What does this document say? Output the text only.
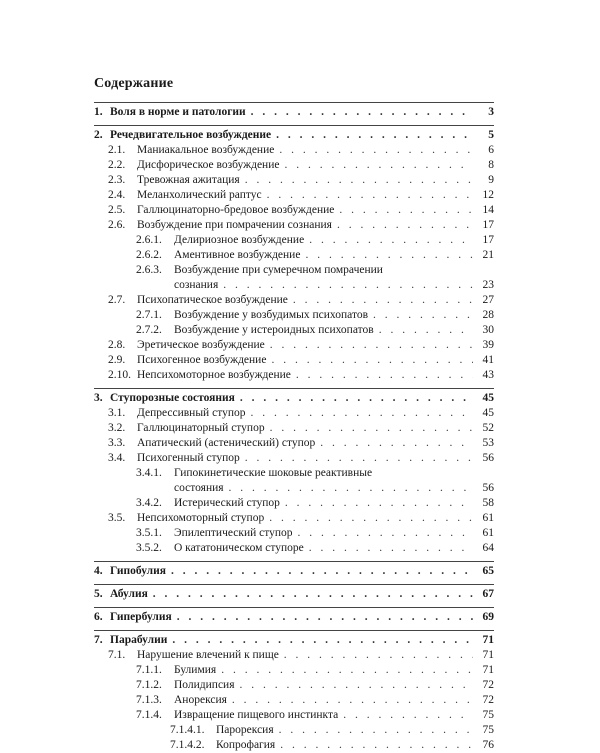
Содержание
1. Воля в норме и патологии . . .	3
2. Речедвигательное возбуждение . . .	5
2.1.	Маниакальное возбуждение . . .	6
2.2.	Дисфорическое возбуждение . . .	8
2.3.	Тревожная ажитация . . .	9
2.4.	Меланхолический раптус . . .	12
2.5.	Галлюцинаторно-бредовое возбуждение . . .	14
2.6.	Возбуждение при помрачении сознания . . .	17
2.6.1.	Делириозное возбуждение . . .	17
2.6.2.	Аментивное возбуждение . . .	21
2.6.3.	Возбуждение при сумеречном помрачении
сознания . . .	23
2.7.	Психопатическое возбуждение . . .	27
2.7.1.	Возбуждение у возбудимых психопатов . . .	28
2.7.2.	Возбуждение у истероидных психопатов . . .	30
2.8.	Эретическое возбуждение . . .	39
2.9.	Психогенное возбуждение . . .	41
2.10. Непсихомоторное возбуждение . . .	43
3. Ступорозные состояния . . .	45
3.1.	Депрессивный ступор . . .	45
3.2.	Галлюцинаторный ступор . . .	52
3.3.	Апатический (астенический) ступор . . .	53
3.4.	Психогенный ступор . . .	56
3.4.1.	Гипокинетические шоковые реактивные
состояния . . .	56
3.4.2.	Истерический ступор . . .	58
3.5.	Непсихомоторный ступор . . .	61
3.5.1.	Эпилептический ступор . . .	61
3.5.2.	О кататоническом ступоре . . .	64
4. Гипобулия . . .	65
5. Абулия . . .	67
6. Гипербулия . . .	69
7. Парабулии . . .	71
7.1.	Нарушение влечений к пище . . .	71
7.1.1.	Булимия . . .	71
7.1.2.	Полидипсия . . .	72
7.1.3.	Анорексия . . .	72
7.1.4.	Извращение пищевого инстинкта . . .	75
7.1.4.1.	Парорексия . . .	75
7.1.4.2.	Копрофагия . . .	76
